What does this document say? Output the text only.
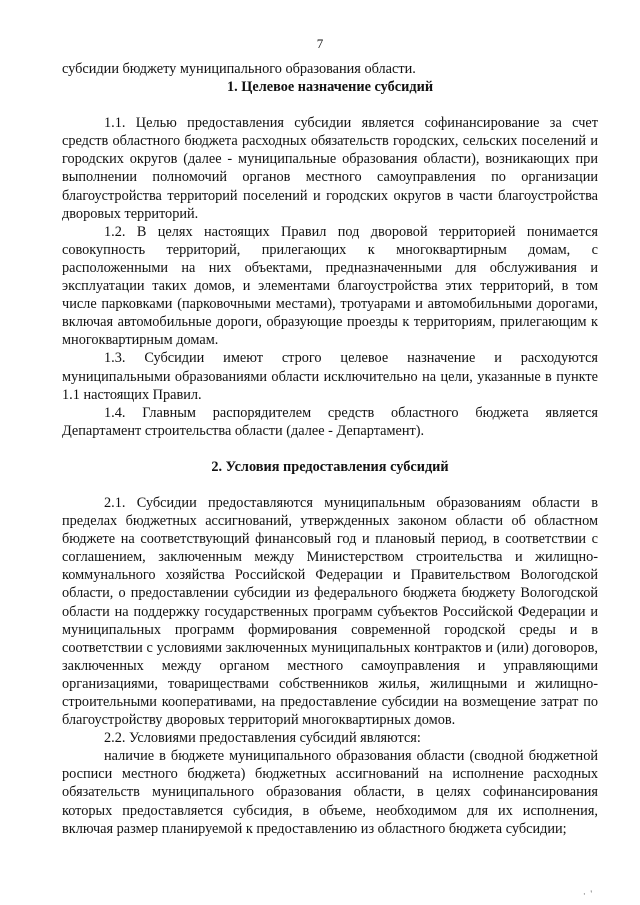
7

субсидии бюджету муниципального образования области.

1. Целевое назначение субсидий

1.1. Целью предоставления субсидии является софинансирование за счет средств областного бюджета расходных обязательств городских, сельских поселений и городских округов (далее - муниципальные образования области), возникающих при выполнении полномочий органов местного самоуправления по организации благоустройства территорий поселений и городских округов в части благоустройства дворовых территорий.

1.2. В целях настоящих Правил под дворовой территорией понимается совокупность территорий, прилегающих к многоквартирным домам, с расположенными на них объектами, предназначенными для обслуживания и эксплуатации таких домов, и элементами благоустройства этих территорий, в том числе парковками (парковочными местами), тротуарами и автомобильными дорогами, включая автомобильные дороги, образующие проезды к территориям, прилегающим к многоквартирным домам.

1.3. Субсидии имеют строго целевое назначение и расходуются муниципальными образованиями области исключительно на цели, указанные в пункте 1.1 настоящих Правил.

1.4. Главным распорядителем средств областного бюджета является Департамент строительства области (далее - Департамент).

2. Условия предоставления субсидий

2.1. Субсидии предоставляются муниципальным образованиям области в пределах бюджетных ассигнований, утвержденных законом области об областном бюджете на соответствующий финансовый год и плановый период, в соответствии с соглашением, заключенным между Министерством строительства и жилищно-коммунального хозяйства Российской Федерации и Правительством Вологодской области, о предоставлении субсидии из федерального бюджета бюджету Вологодской области на поддержку государственных программ субъектов Российской Федерации и муниципальных программ формирования современной городской среды и в соответствии с условиями заключенных муниципальных контрактов и (или) договоров, заключенных между органом местного самоуправления и управляющими организациями, товариществами собственников жилья, жилищными и жилищно-строительными кооперативами, на предоставление субсидии на возмещение затрат по благоустройству дворовых территорий многоквартирных домов.

2.2. Условиями предоставления субсидий являются:

наличие в бюджете муниципального образования области (сводной бюджетной росписи местного бюджета) бюджетных ассигнований на исполнение расходных обязательств муниципального образования области, в целях софинансирования которых предоставляется субсидия, в объеме, необходимом для их исполнения, включая размер планируемой к предоставлению из областного бюджета субсидии;

·  '
